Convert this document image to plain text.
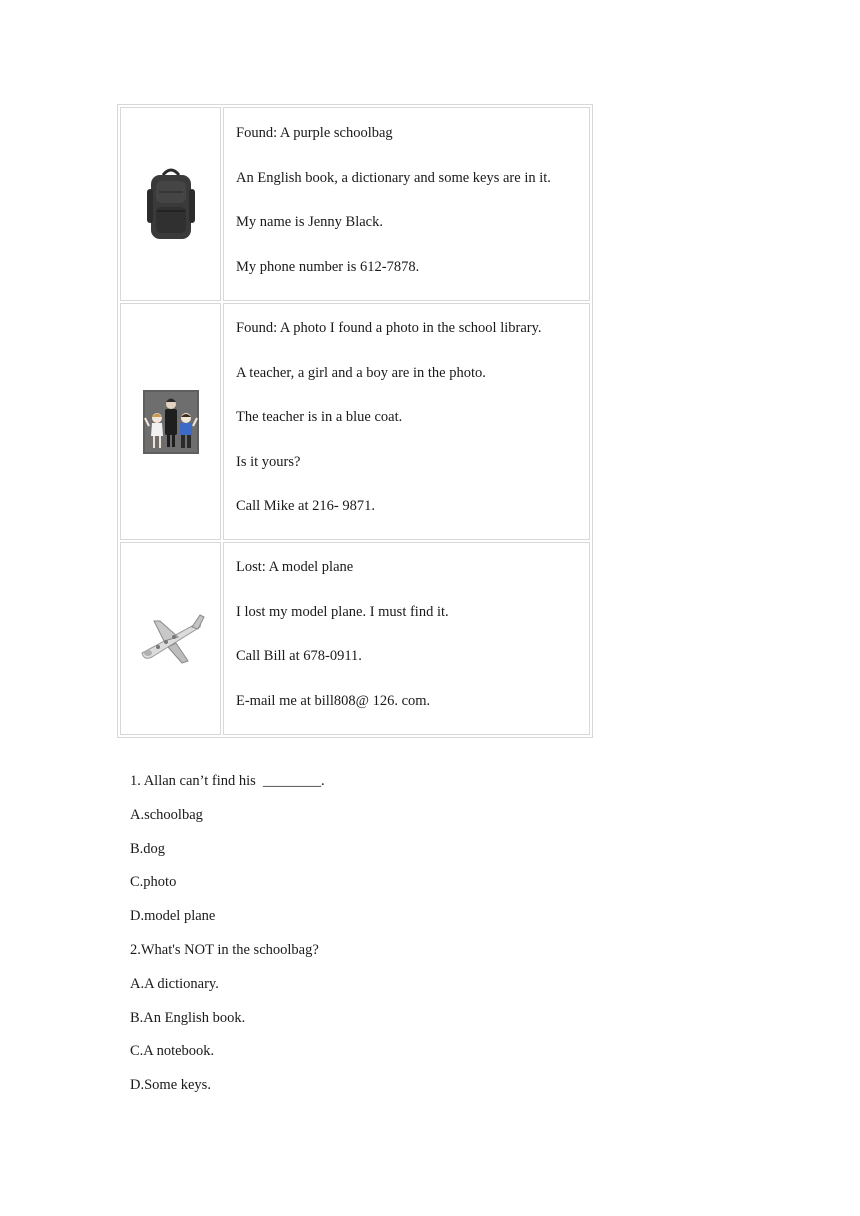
Found: A purple schoolbag

An English book, a dictionary and some keys are in it.

My name is Jenny Black.

My phone number is 612-7878.

Found: A photo I found a photo in the school library.

A teacher, a girl and a boy are in the photo.

The teacher is in a blue coat.

Is it yours?

Call Mike at 216- 9871.

Lost: A model plane

I lost my model plane. I must find it.

Call Bill at 678-0911.

E-mail me at bill808@ 126. com.

1. Allan can’t find his  ________.

A.schoolbag

B.dog

C.photo

D.model plane

2.What's NOT in the schoolbag?

A.A dictionary.

B.An English book.

C.A notebook.

D.Some keys.
